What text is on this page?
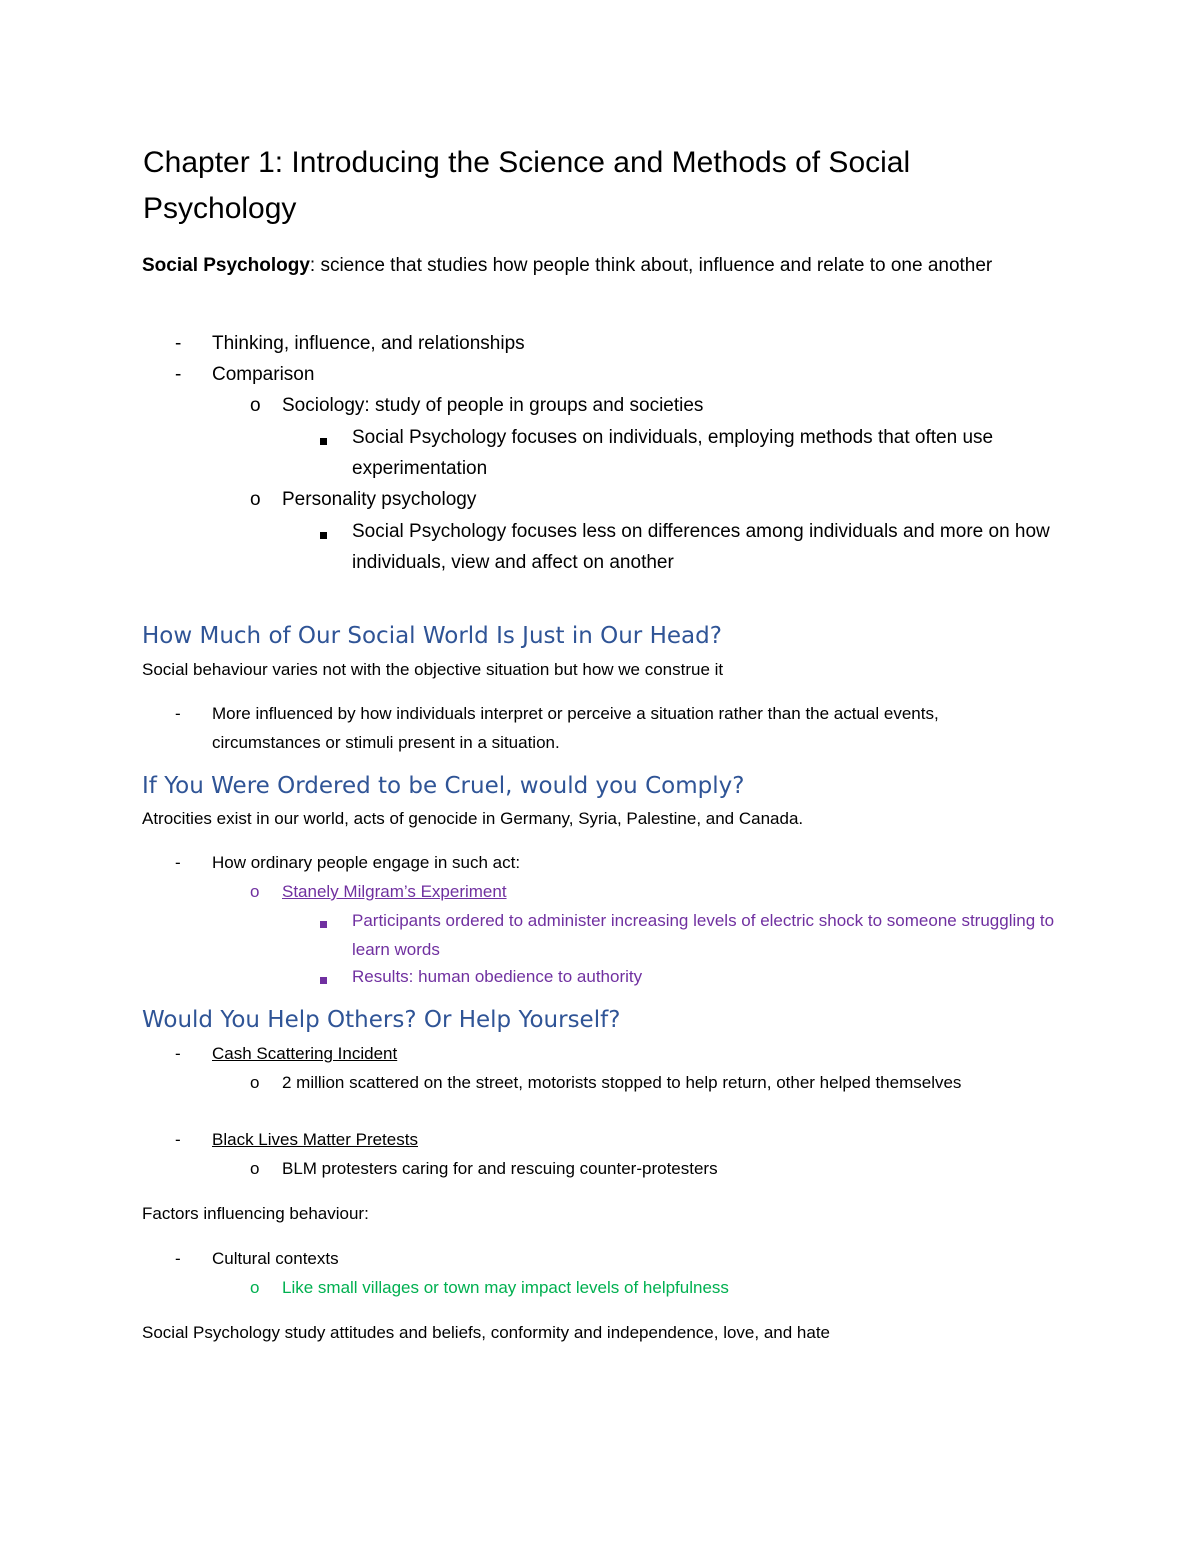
Chapter 1: Introducing the Science and Methods of Social Psychology

Social Psychology: science that studies how people think about, influence and relate to one another

- Thinking, influence, and relationships

- Comparison

o Sociology: study of people in groups and societies

Social Psychology focuses on individuals, employing methods that often use experimentation

o Personality psychology

Social Psychology focuses less on differences among individuals and more on how individuals, view and affect on another

How Much of Our Social World Is Just in Our Head?

Social behaviour varies not with the objective situation but how we construe it

- More influenced by how individuals interpret or perceive a situation rather than the actual events, circumstances or stimuli present in a situation.

If You Were Ordered to be Cruel, would you Comply?

Atrocities exist in our world, acts of genocide in Germany, Syria, Palestine, and Canada.

- How ordinary people engage in such act:

o Stanely Milgram’s Experiment

Participants ordered to administer increasing levels of electric shock to someone struggling to learn words

Results: human obedience to authority

Would You Help Others? Or Help Yourself?
- Cash Scattering Incident

o 2 million scattered on the street, motorists stopped to help return, other helped themselves

- Black Lives Matter Pretests

o BLM protesters caring for and rescuing counter-protesters

Factors influencing behaviour:

- Cultural contexts

o Like small villages or town may impact levels of helpfulness

Social Psychology study attitudes and beliefs, conformity and independence, love, and hate
